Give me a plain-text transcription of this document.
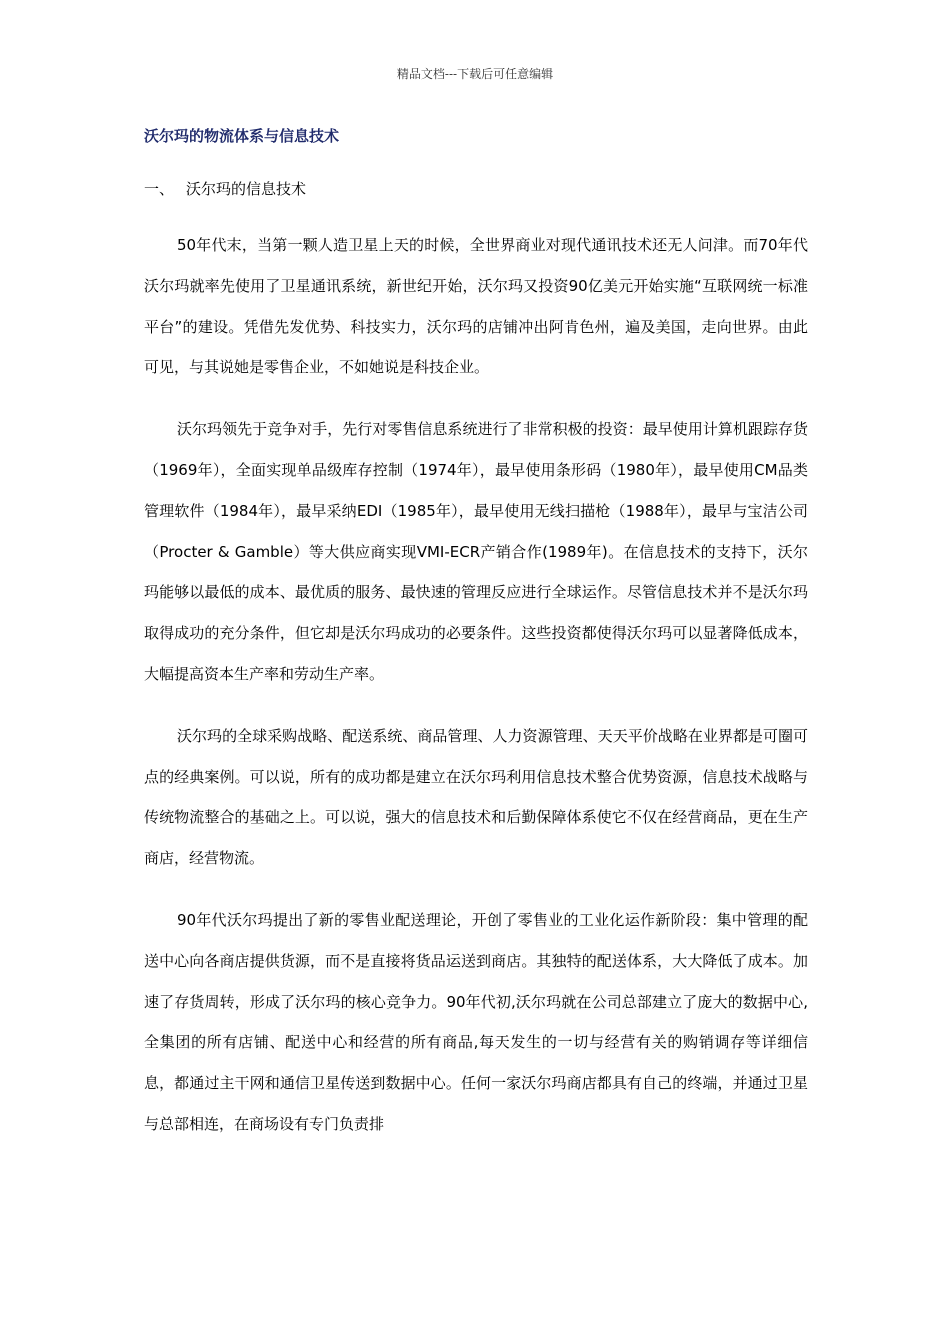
精品文档---下载后可任意编辑
沃尔玛的物流体系与信息技术
一、 沃尔玛的信息技术

50年代末，当第一颗人造卫星上天的时候，全世界商业对现代通讯技术还无人问津。而70年代沃尔玛就率先使用了卫星通讯系统，新世纪开始，沃尔玛又投资90亿美元开始实施“互联网统一标准平台”的建设。凭借先发优势、科技实力，沃尔玛的店铺冲出阿肯色州，遍及美国，走向世界。由此可见，与其说她是零售企业，不如她说是科技企业。

沃尔玛领先于竞争对手，先行对零售信息系统进行了非常积极的投资：最早使用计算机跟踪存货（1969年），全面实现单品级库存控制（1974年），最早使用条形码（1980年），最早使用CM品类管理软件（1984年），最早采纳EDI（1985年），最早使用无线扫描枪（1988年），最早与宝洁公司（Procter & Gamble）等大供应商实现VMI-ECR产销合作(1989年)。在信息技术的支持下，沃尔玛能够以最低的成本、最优质的服务、最快速的管理反应进行全球运作。尽管信息技术并不是沃尔玛取得成功的充分条件，但它却是沃尔玛成功的必要条件。这些投资都使得沃尔玛可以显著降低成本，大幅提高资本生产率和劳动生产率。

沃尔玛的全球采购战略、配送系统、商品管理、人力资源管理、天天平价战略在业界都是可圈可点的经典案例。可以说，所有的成功都是建立在沃尔玛利用信息技术整合优势资源，信息技术战略与传统物流整合的基础之上。可以说，强大的信息技术和后勤保障体系使它不仅在经营商品，更在生产商店，经营物流。

90年代沃尔玛提出了新的零售业配送理论，开创了零售业的工业化运作新阶段：集中管理的配送中心向各商店提供货源，而不是直接将货品运送到商店。其独特的配送体系，大大降低了成本。加速了存货周转，形成了沃尔玛的核心竞争力。90年代初,沃尔玛就在公司总部建立了庞大的数据中心,全集团的所有店铺、配送中心和经营的所有商品,每天发生的一切与经营有关的购销调存等详细信息，都通过主干网和通信卫星传送到数据中心。任何一家沃尔玛商店都具有自己的终端，并通过卫星与总部相连，在商场设有专门负责排
